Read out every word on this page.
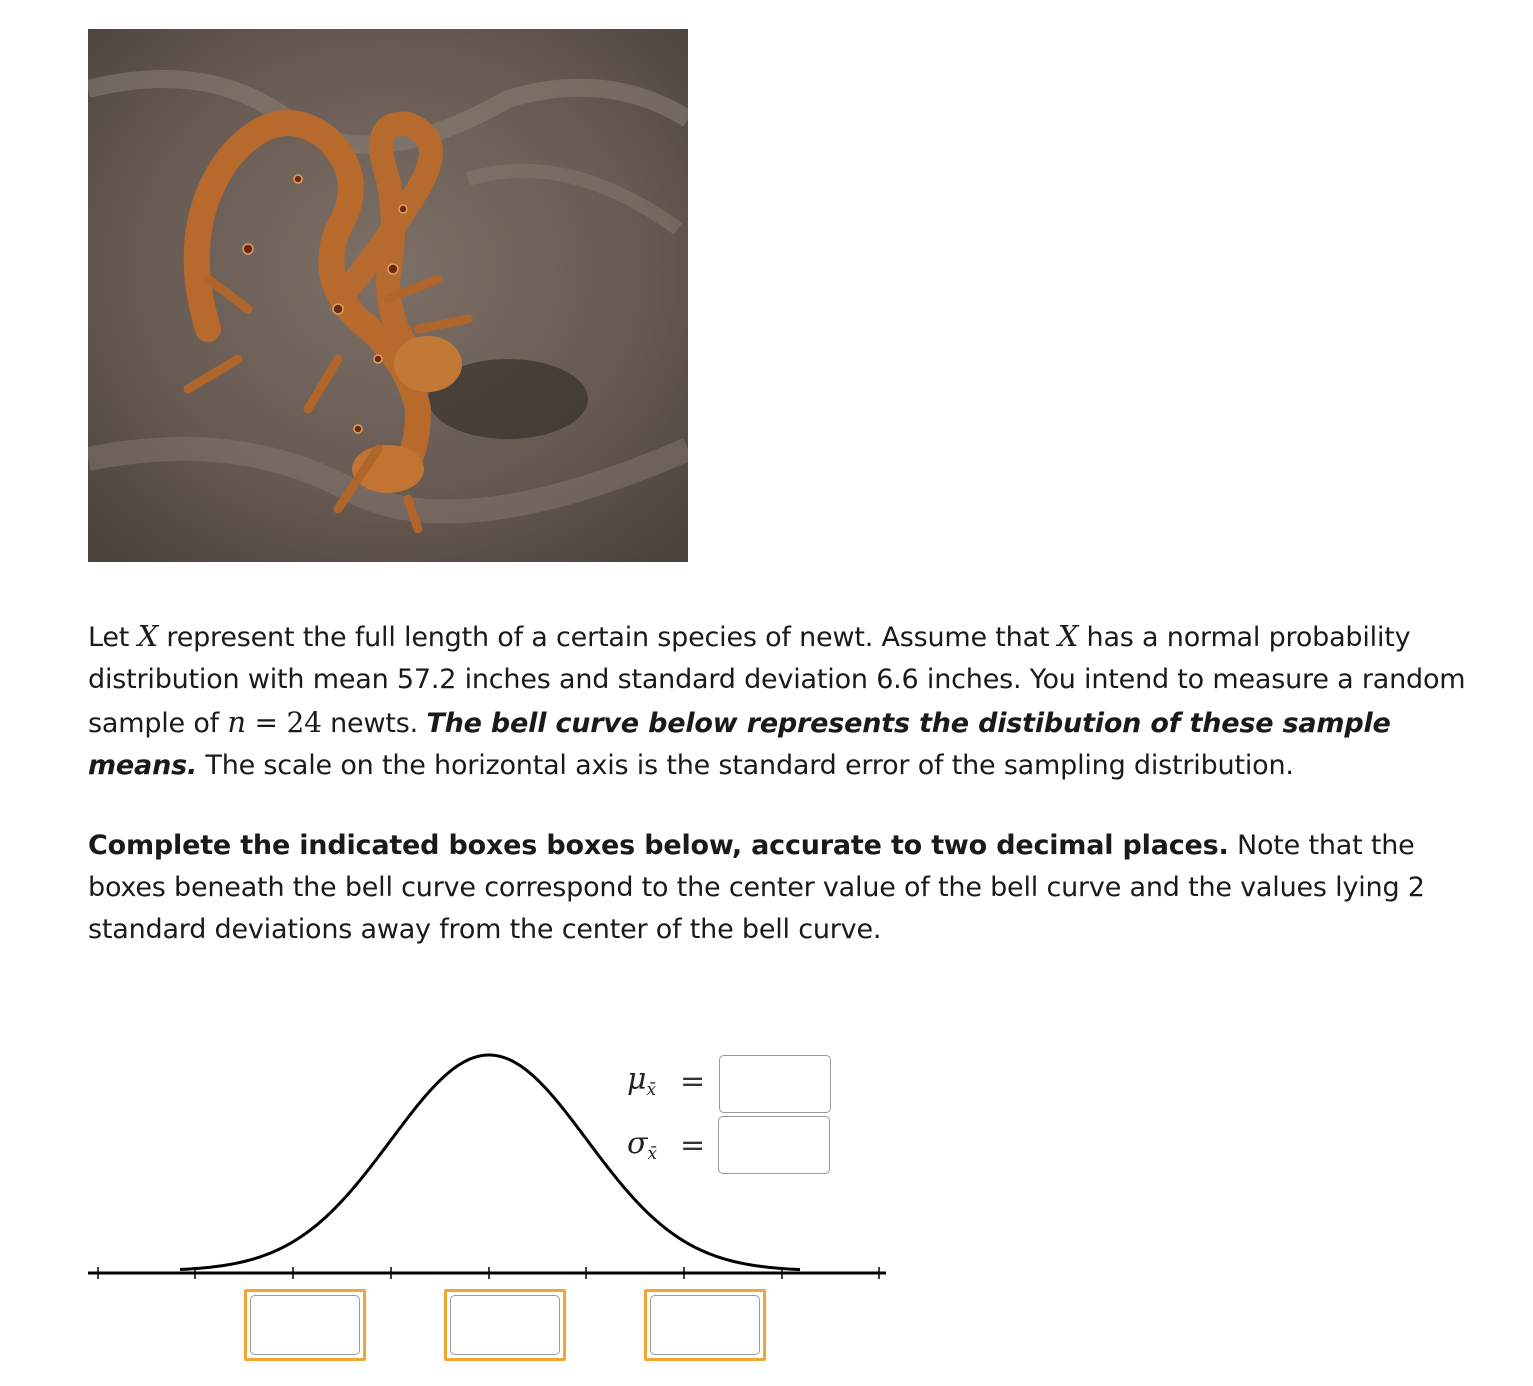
Let X represent the full length of a certain species of newt. Assume that X has a normal probability distribution with mean 57.2 inches and standard deviation 6.6 inches. You intend to measure a random sample of n = 24 newts. The bell curve below represents the distibution of these sample means. The scale on the horizontal axis is the standard error of the sampling distribution.
Complete the indicated boxes boxes below, accurate to two decimal places. Note that the boxes beneath the bell curve correspond to the center value of the bell curve and the values lying 2 standard deviations away from the center of the bell curve.
$\mu_{x̄}$ =
$\sigma_{x̄}$ =
